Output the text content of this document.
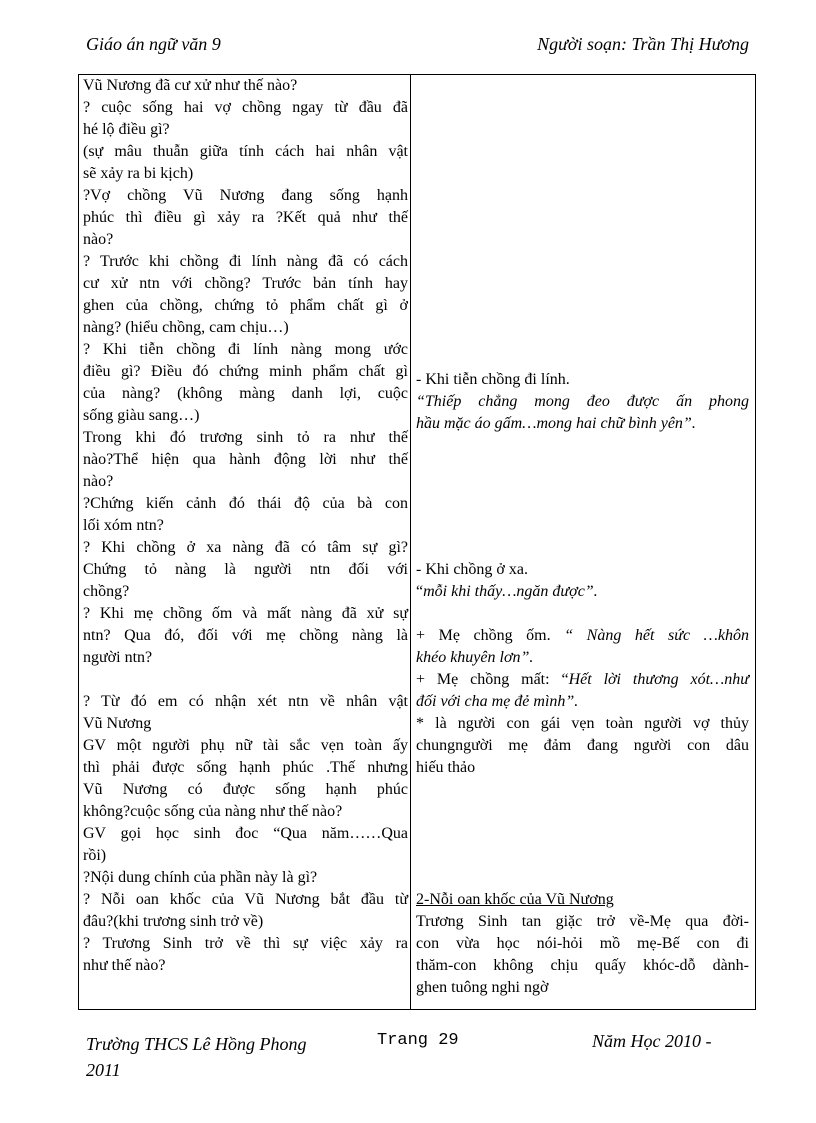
Giáo án ngữ văn 9	Người soạn: Trần Thị Hương
Vũ Nương đã cư xử như thế nào?
? cuộc sống hai vợ chồng ngay từ đầu đã
hé lộ điều gì?
(sự mâu thuẫn giữa tính cách hai nhân vật
sẽ xảy ra bi kịch)
?Vợ chồng Vũ Nương đang sống hạnh
phúc thì điều gì xảy ra ?Kết quả như thế
nào?
? Trước khi chồng đi lính nàng đã có cách
cư xử ntn với chồng? Trước bản tính hay
ghen của chồng, chứng tỏ phẩm chất gì ở
nàng? (hiểu chồng, cam chịu…)
? Khi tiễn chồng đi lính nàng mong ước
điều gì? Điều đó chứng minh phẩm chất gì
của nàng? (không màng danh lợi, cuộc
sống giàu sang…)
Trong khi đó trương sinh tỏ ra như thế
nào?Thể hiện qua hành động lời như thế
nào?
?Chứng kiến cảnh đó thái độ của bà con
lối xóm ntn?
? Khi chồng ở xa nàng đã có tâm sự gì?
Chứng tỏ nàng là người ntn đối với
chồng?
? Khi mẹ chồng ốm và mất nàng đã xử sự
ntn? Qua đó, đối với mẹ chồng nàng là
người ntn?

? Từ đó em có nhận xét ntn về nhân vật
Vũ Nương
GV một người phụ nữ tài sắc vẹn toàn ấy
thì phải được sống hạnh phúc .Thế nhưng
Vũ Nương có được sống hạnh phúc
không?cuộc sống của nàng như thế nào?
GV gọi học sinh đoc “Qua năm……Qua
rồi)
?Nội dung chính của phần này là gì?
? Nỗi oan khốc của Vũ Nương bắt đầu từ
đâu?(khi trương sinh trở về)
? Trương Sinh trở về thì sự việc xảy ra
như thế nào?
- Khi tiễn chồng đi lính.
“Thiếp chẳng mong đeo được ấn phong
hầu mặc áo gấm…mong hai chữ bình yên”.
- Khi chồng ở xa.
“mỗi khi thấy…ngăn được”.
+ Mẹ chồng ốm. “ Nàng hết sức …khôn
khéo khuyên lơn”.
+ Mẹ chồng mất: “Hết lời thương xót…như
đối với cha mẹ đẻ mình”.
* là người con gái vẹn toàn người vợ thủy
chungngười mẹ đảm đang người con dâu
hiếu thảo
2-Nỗi oan khốc của Vũ Nương
Trương Sinh tan giặc trở về-Mẹ qua đời-
con vừa học nói-hỏi mồ mẹ-Bế con đi
thăm-con không chịu quấy khóc-dỗ dành-
ghen tuông nghi ngờ
Trường THCS Lê Hồng Phong
2011
Trang 29	Năm Học 2010 -
